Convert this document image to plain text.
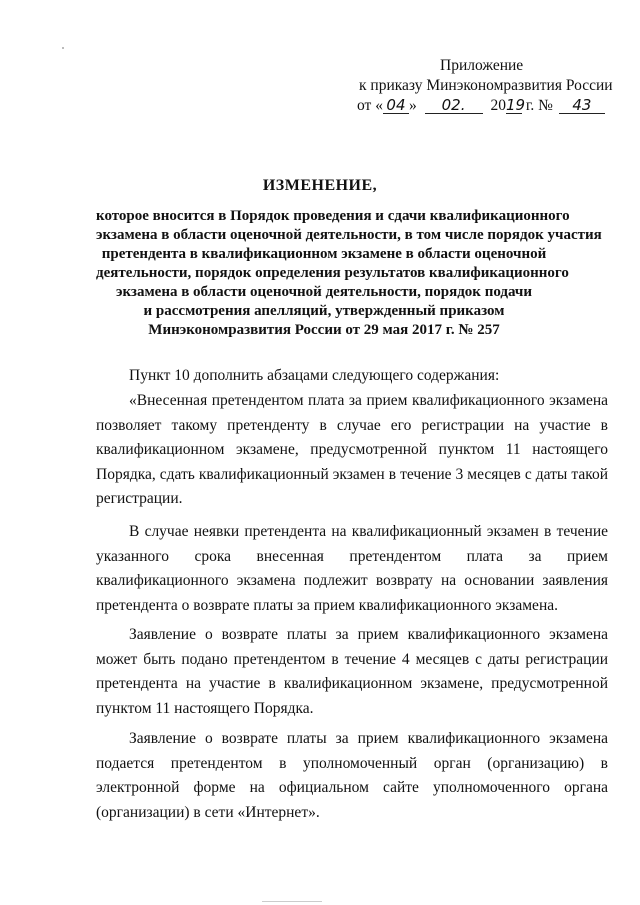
Приложение
к приказу Минэкономразвития России
от « 04 » 02. 2019 г. № 43
ИЗМЕНЕНИЕ,
которое вносится в Порядок проведения и сдачи квалификационного
экзамена в области оценочной деятельности, в том числе порядок участия
претендента в квалификационном экзамене в области оценочной
деятельности, порядок определения результатов квалификационного
экзамена в области оценочной деятельности, порядок подачи
и рассмотрения апелляций, утвержденный приказом
Минэкономразвития России от 29 мая 2017 г. № 257
Пункт 10 дополнить абзацами следующего содержания:
«Внесенная претендентом плата за прием квалификационного экзамена позволяет такому претенденту в случае его регистрации на участие в квалификационном экзамене, предусмотренной пунктом 11 настоящего Порядка, сдать квалификационный экзамен в течение 3 месяцев с даты такой регистрации.
В случае неявки претендента на квалификационный экзамен в течение указанного срока внесенная претендентом плата за прием квалификационного экзамена подлежит возврату на основании заявления претендента о возврате платы за прием квалификационного экзамена.
Заявление о возврате платы за прием квалификационного экзамена может быть подано претендентом в течение 4 месяцев с даты регистрации претендента на участие в квалификационном экзамене, предусмотренной пунктом 11 настоящего Порядка.
Заявление о возврате платы за прием квалификационного экзамена подается претендентом в уполномоченный орган (организацию) в электронной форме на официальном сайте уполномоченного органа (организации) в сети «Интернет».
